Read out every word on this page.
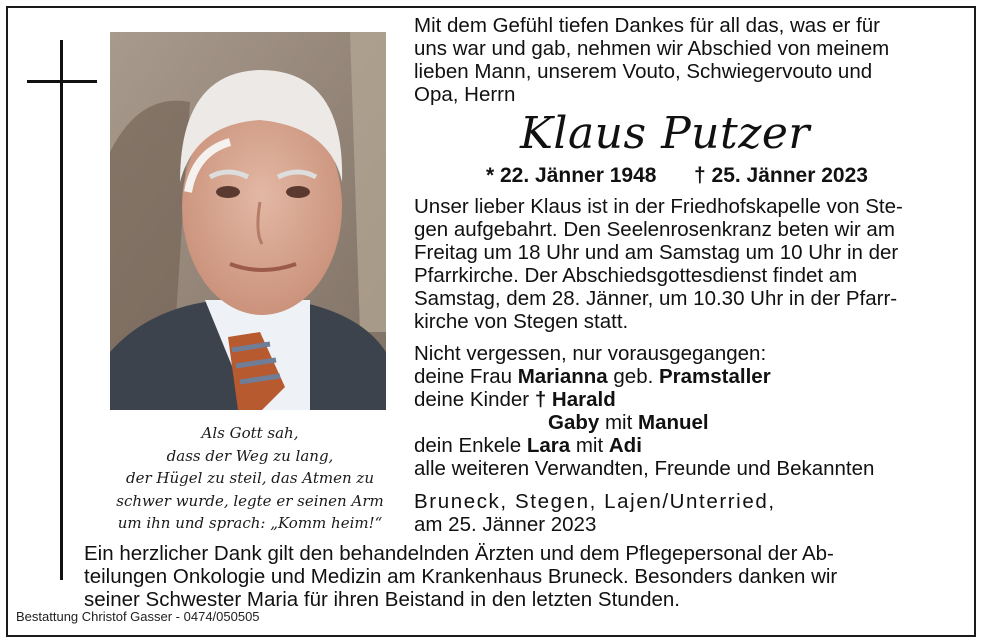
Als Gott sah,
dass der Weg zu lang,
der Hügel zu steil, das Atmen zu
schwer wurde, legte er seinen Arm
um ihn und sprach: „Komm heim!“
Mit dem Gefühl tiefen Dankes für all das, was er für
uns war und gab, nehmen wir Abschied von meinem
lieben Mann, unserem Vouto, Schwiegervouto und
Opa, Herrn
Klaus Putzer
* 22. Jänner 1948 † 25. Jänner 2023
Unser lieber Klaus ist in der Friedhofskapelle von Ste-
gen aufgebahrt. Den Seelenrosenkranz beten wir am
Freitag um 18 Uhr und am Samstag um 10 Uhr in der
Pfarrkirche. Der Abschiedsgottesdienst findet am
Samstag, dem 28. Jänner, um 10.30 Uhr in der Pfarr-
kirche von Stegen statt.
Nicht vergessen, nur vorausgegangen:
deine Frau Marianna geb. Pramstaller
deine Kinder † Harald
Gaby mit Manuel
dein Enkele Lara mit Adi
alle weiteren Verwandten, Freunde und Bekannten
Bruneck, Stegen, Lajen/Unterried,
am 25. Jänner 2023
Ein herzlicher Dank gilt den behandelnden Ärzten und dem Pflegepersonal der Ab-
teilungen Onkologie und Medizin am Krankenhaus Bruneck. Besonders danken wir
seiner Schwester Maria für ihren Beistand in den letzten Stunden.
Bestattung Christof Gasser - 0474/050505
